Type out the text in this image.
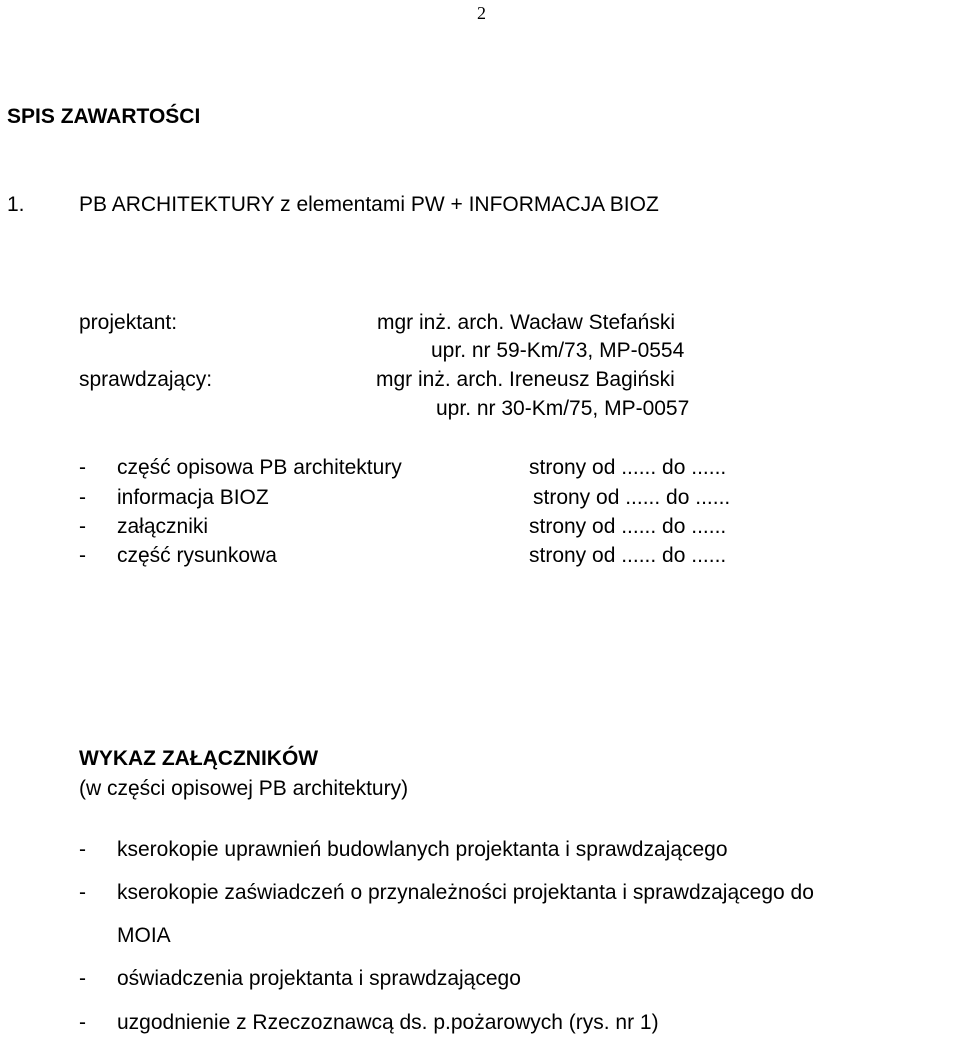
2
SPIS ZAWARTOŚCI
1.	PB ARCHITEKTURY z elementami PW + INFORMACJA BIOZ
projektant:	mgr inż. arch. Wacław Stefański
upr. nr 59-Km/73, MP-0554
sprawdzający:	mgr inż. arch. Ireneusz Bagiński
upr. nr 30-Km/75, MP-0057
- część opisowa PB architektury	strony od ...... do ......
- informacja BIOZ	strony od ...... do ......
- załączniki	strony od ...... do ......
- część rysunkowa	strony od ...... do ......
WYKAZ ZAŁĄCZNIKÓW
(w części opisowej PB architektury)
- kserokopie uprawnień budowlanych projektanta i sprawdzającego
- kserokopie zaświadczeń o przynależności projektanta i sprawdzającego do
MOIA
- oświadczenia projektanta i sprawdzającego
- uzgodnienie z Rzeczoznawcą ds. p.pożarowych (rys. nr 1)
